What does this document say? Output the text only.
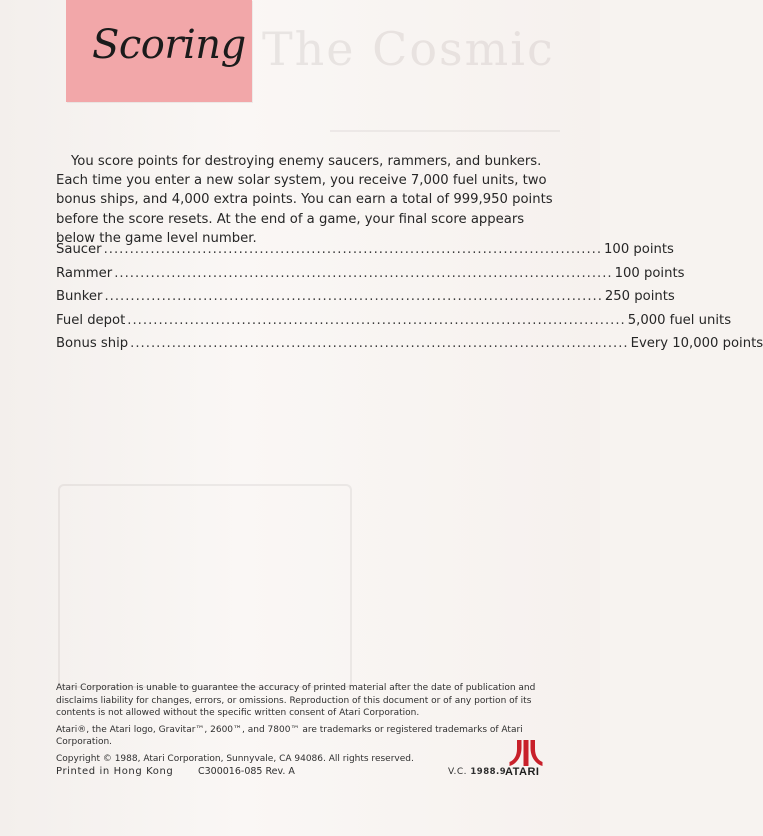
The Cosmic
Scoring

You score points for destroying enemy saucers, rammers, and bunkers. Each time you enter a new solar system, you receive 7,000 fuel units, two bonus ships, and 4,000 extra points. You can earn a total of 999,950 points before the score resets. At the end of a game, your final score appears below the game level number.

Saucer ................................................................................................ 100 points
Rammer ................................................................................................ 100 points
Bunker ................................................................................................ 250 points
Fuel depot ................................................................................................ 5,000 fuel units
Bonus ship ................................................................................................ Every 10,000 points

Atari Corporation is unable to guarantee the accuracy of printed material after the date of publication and disclaims liability for changes, errors, or omissions. Reproduction of this document or of any portion of its contents is not allowed without the specific written consent of Atari Corporation.

Atari®, the Atari logo, Gravitar™, 2600™, and 7800™ are trademarks or registered trademarks of Atari Corporation.

Copyright © 1988, Atari Corporation, Sunnyvale, CA 94086. All rights reserved.

Printed in Hong Kong	C300016-085 Rev. A	V.C. 1988.9
ATARI
